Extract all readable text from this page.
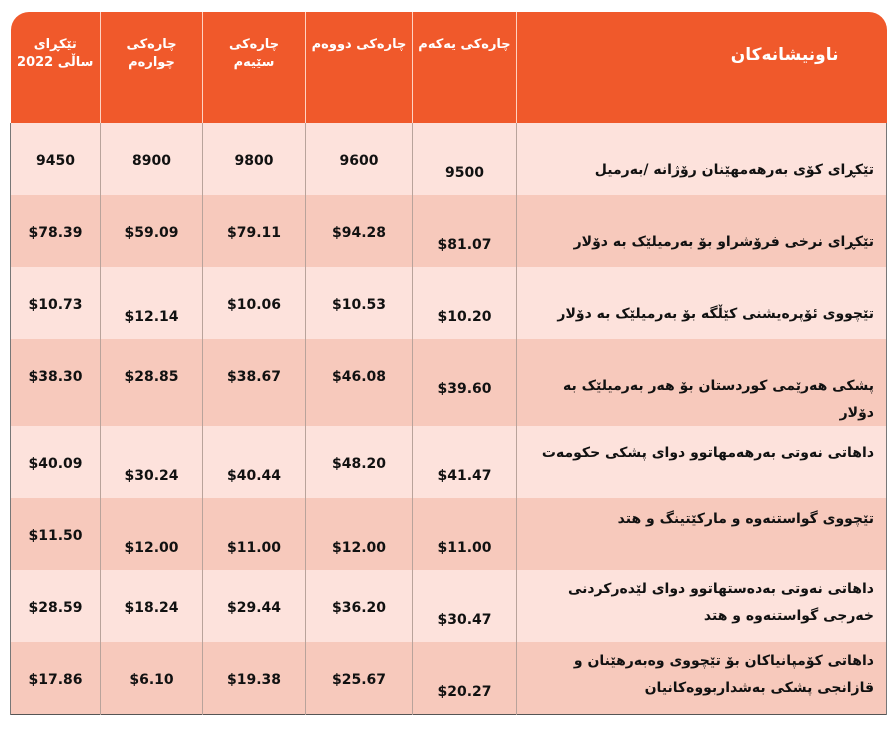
تێکڕای ساڵی 2022	چارەکی چوارەم	چارەکی سێیەم	چارەکی دووەم	چارەکی یەکەم	ناونیشانەکان

9450	8900	9800	9600	9500	تێکڕای کۆی بەرهەمهێنان رۆژانە /بەرمیل

$78.39	$59.09	$79.11	$94.28	$81.07	تێکڕای نرخی فرۆشراو بۆ بەرمیلێک بە دۆلار

$10.73	$12.14	$10.06	$10.53	$10.20	تێچووی ئۆپرەیشنی کێڵگە بۆ بەرمیلێک بە دۆلار

$38.30	$28.85	$38.67	$46.08	$39.60	پشکی هەرێمی کوردستان بۆ هەر بەرمیلێک بە دۆلار

$40.09	$30.24	$40.44	$48.20	$41.47	داهاتی نەوتی بەرهەمهاتوو دوای پشکی حکومەت

$11.50	$12.00	$11.00	$12.00	$11.00	تێچووی گواستنەوە و مارکێتینگ و هتد

$28.59	$18.24	$29.44	$36.20	$30.47	داهاتی نەوتی بەدەستهاتوو دوای لێدەرکردنی خەرجی گواستنەوە و هتد

$17.86	$6.10	$19.38	$25.67	$20.27	داهاتی کۆمپانیاکان بۆ تێچووی وەبەرهێنان و قازانجی پشکی بەشداربووەکانیان
